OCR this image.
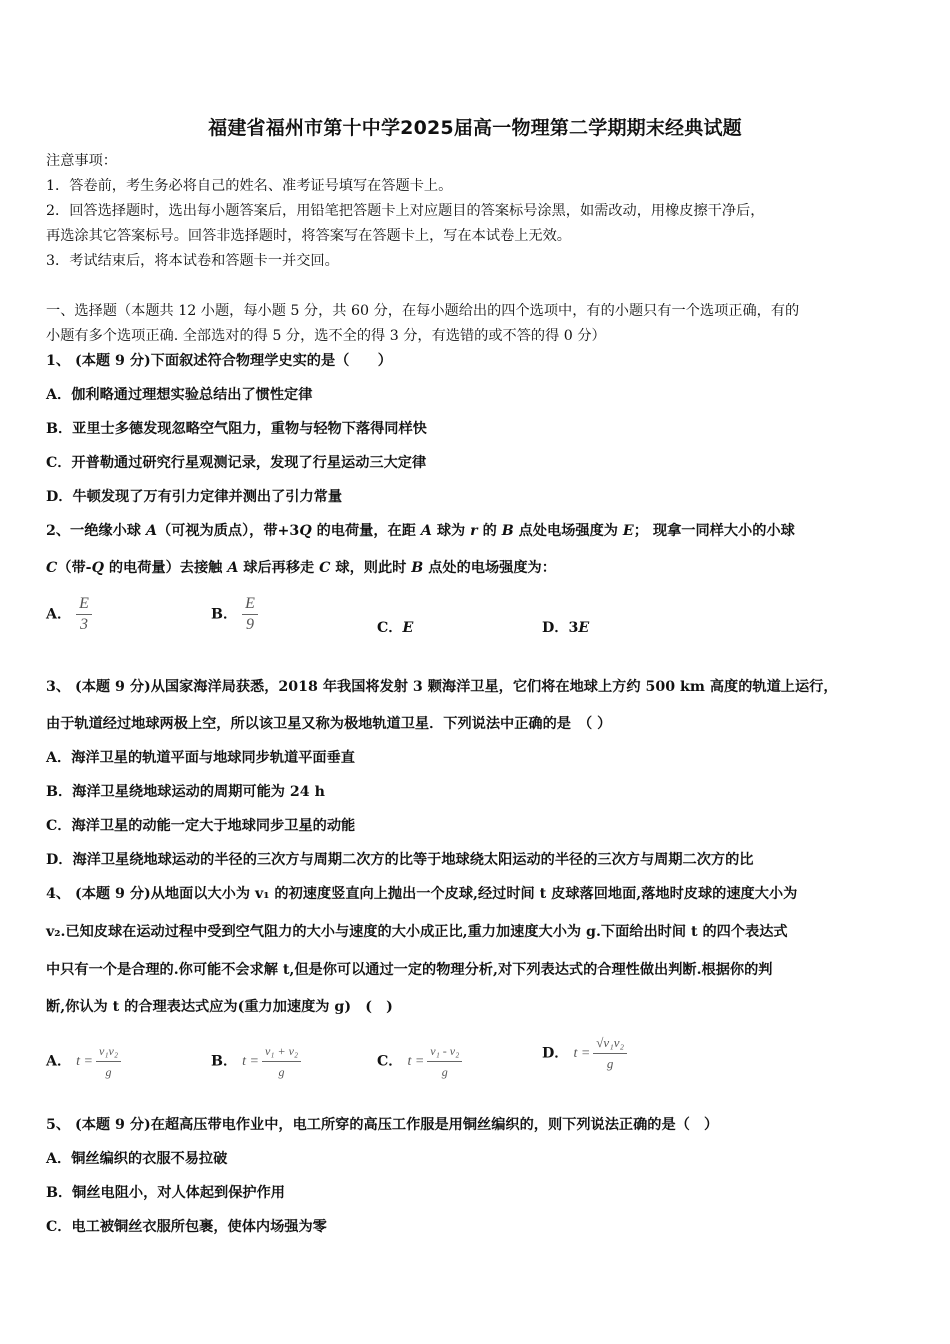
福建省福州市第十中学2025届高一物理第二学期期末经典试题
注意事项：
1．答卷前，考生务必将自己的姓名、准考证号填写在答题卡上。
2．回答选择题时，选出每小题答案后，用铅笔把答题卡上对应题目的答案标号涂黑，如需改动，用橡皮擦干净后，
再选涂其它答案标号。回答非选择题时，将答案写在答题卡上，写在本试卷上无效。
3．考试结束后，将本试卷和答题卡一并交回。
一、选择题（本题共 12 小题，每小题 5 分，共 60 分，在每小题给出的四个选项中，有的小题只有一个选项正确，有的
小题有多个选项正确. 全部选对的得 5 分，选不全的得 3 分，有选错的或不答的得 0 分）
1、 (本题 9 分)下面叙述符合物理学史实的是（　　）
A．伽利略通过理想实验总结出了惯性定律
B．亚里士多德发现忽略空气阻力，重物与轻物下落得同样快
C．开普勒通过研究行星观测记录，发现了行星运动三大定律
D．牛顿发现了万有引力定律并测出了引力常量
2、一绝缘小球 A（可视为质点），带+3Q 的电荷量，在距 A 球为 r 的 B 点处电场强度为 E； 现拿一同样大小的小球
C（带-Q 的电荷量）去接触 A 球后再移走 C 球，则此时 B 点处的电场强度为：
A． $\frac{E}{3}$	B． $\frac{E}{9}$	C．E	D．3E
3、 (本题 9 分)从国家海洋局获悉，2018 年我国将发射 3 颗海洋卫星，它们将在地球上方约 500 km 高度的轨道上运行，
由于轨道经过地球两极上空，所以该卫星又称为极地轨道卫星．下列说法中正确的是　（ ）
A．海洋卫星的轨道平面与地球同步轨道平面垂直
B．海洋卫星绕地球运动的周期可能为 24 h
C．海洋卫星的动能一定大于地球同步卫星的动能
D．海洋卫星绕地球运动的半径的三次方与周期二次方的比等于地球绕太阳运动的半径的三次方与周期二次方的比
4、 (本题 9 分)从地面以大小为 v₁ 的初速度竖直向上抛出一个皮球,经过时间 t 皮球落回地面,落地时皮球的速度大小为
v₂.已知皮球在运动过程中受到空气阻力的大小与速度的大小成正比,重力加速度大小为 g.下面给出时间 t 的四个表达式
中只有一个是合理的.你可能不会求解 t,但是你可以通过一定的物理分析,对下列表达式的合理性做出判断.根据你的判
断,你认为 t 的合理表达式应为(重力加速度为 g)　(　)
A． $t = \frac{\text{v₁v₂}}{g}$	B． $t = \frac{\text{v₁ + v₂}}{g}$	C． $t = \frac{\text{v₁ - v₂}}{g}$	D． $t = \frac{\text{√v₁v₂}}{g}$
5、 (本题 9 分)在超高压带电作业中，电工所穿的高压工作服是用铜丝编织的，则下列说法正确的是（　）
A．铜丝编织的衣服不易拉破
B．铜丝电阻小，对人体起到保护作用
C．电工被铜丝衣服所包裹，使体内场强为零
